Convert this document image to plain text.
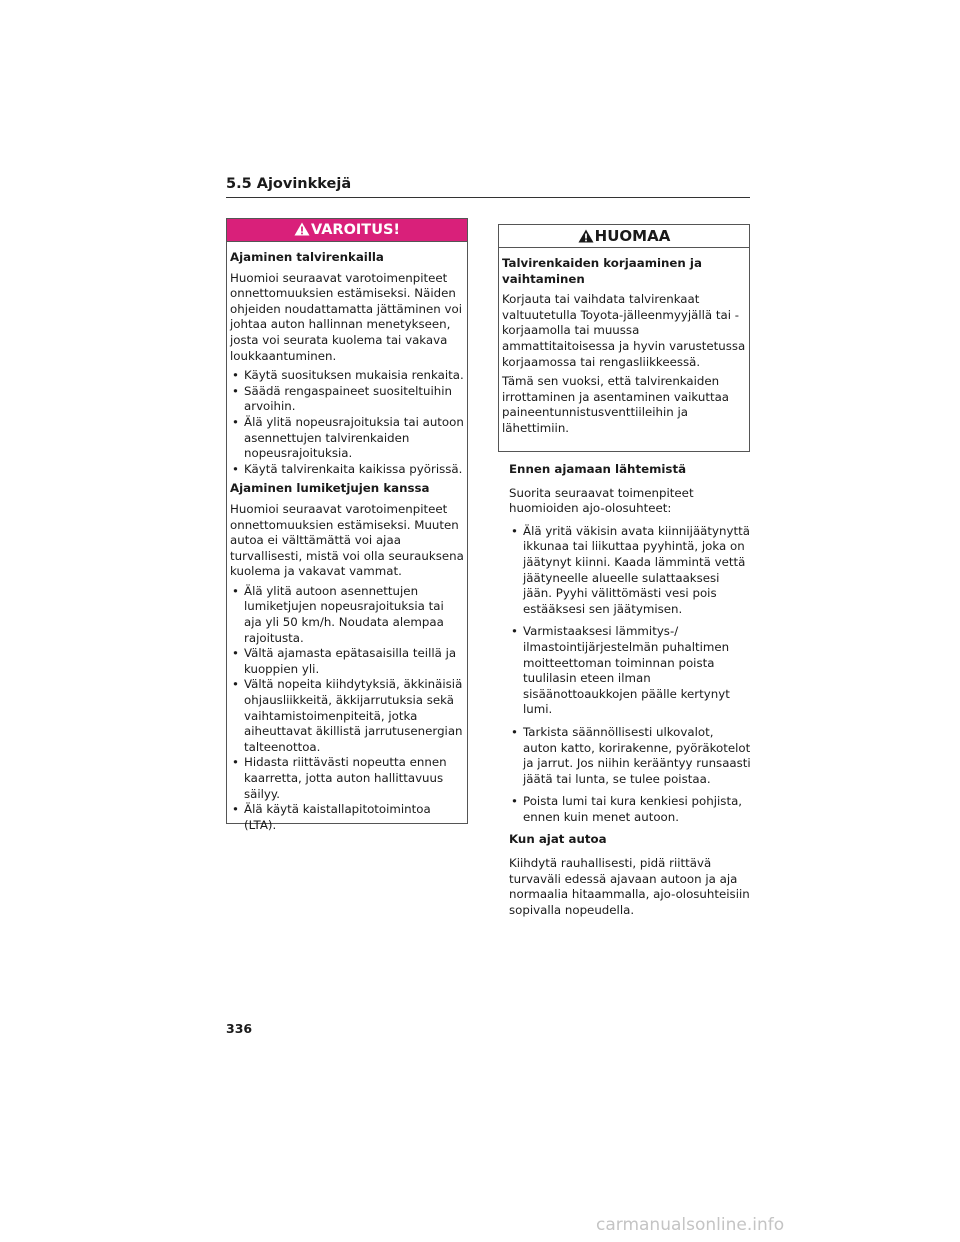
5.5 Ajovinkkejä
VAROITUS!
Ajaminen talvirenkailla

Huomioi seuraavat varotoimenpiteet onnettomuuksien estämiseksi. Näiden ohjeiden noudattamatta jättäminen voi johtaa auton hallinnan menetykseen, josta voi seurata kuolema tai vakava loukkaantuminen.

• Käytä suosituksen mukaisia renkaita.
• Säädä rengaspaineet suositeltuihin arvoihin.
• Älä ylitä nopeusrajoituksia tai autoon asennettujen talvirenkaiden nopeusrajoituksia.
• Käytä talvirenkaita kaikissa pyörissä.
Ajaminen lumiketjujen kanssa

Huomioi seuraavat varotoimenpiteet onnettomuuksien estämiseksi. Muuten autoa ei välttämättä voi ajaa turvallisesti, mistä voi olla seurauksena kuolema ja vakavat vammat.

• Älä ylitä autoon asennettujen lumiketjujen nopeusrajoituksia tai aja yli 50 km/h. Noudata alempaa rajoitusta.
• Vältä ajamasta epätasaisilla teillä ja kuoppien yli.
• Vältä nopeita kiihdytyksiä, äkkinäisiä ohjausliikkeitä, äkkijarrutuksia sekä vaihtamistoimenpiteitä, jotka aiheuttavat äkillistä jarrutusenergian talteenottoa.
• Hidasta riittävästi nopeutta ennen kaarretta, jotta auton hallittavuus säilyy.
• Älä käytä kaistallapitotoimintoa (LTA).
HUOMAA
Talvirenkaiden korjaaminen ja vaihtaminen

Korjauta tai vaihdata talvirenkaat valtuutetulla Toyota-jälleenmyyjällä tai -korjaamolla tai muussa ammattitaitoisessa ja hyvin varustetussa korjaamossa tai rengasliikkeessä.

Tämä sen vuoksi, että talvirenkaiden irrottaminen ja asentaminen vaikuttaa paineentunnistusventtiileihin ja lähettimiin.

Ennen ajamaan lähtemistä

Suorita seuraavat toimenpiteet huomioiden ajo-olosuhteet:

• Älä yritä väkisin avata kiinnijäätynyttä ikkunaa tai liikuttaa pyyhintä, joka on jäätynyt kiinni. Kaada lämmintä vettä jäätyneelle alueelle sulattaaksesi jään. Pyyhi välittömästi vesi pois estääksesi sen jäätymisen.
• Varmistaaksesi lämmitys-/ ilmastointijärjestelmän puhaltimen moitteettoman toiminnan poista tuulilasin eteen ilman sisäänottoaukkojen päälle kertynyt lumi.
• Tarkista säännöllisesti ulkovalot, auton katto, korirakenne, pyöräkotelot ja jarrut. Jos niihin kerääntyy runsaasti jäätä tai lunta, se tulee poistaa.
• Poista lumi tai kura kenkiesi pohjista, ennen kuin menet autoon.
Kun ajat autoa

Kiihdytä rauhallisesti, pidä riittävä turvaväli edessä ajavaan autoon ja aja normaalia hitaammalla, ajo-olosuhteisiin sopivalla nopeudella.

336
carmanualsonline.info
